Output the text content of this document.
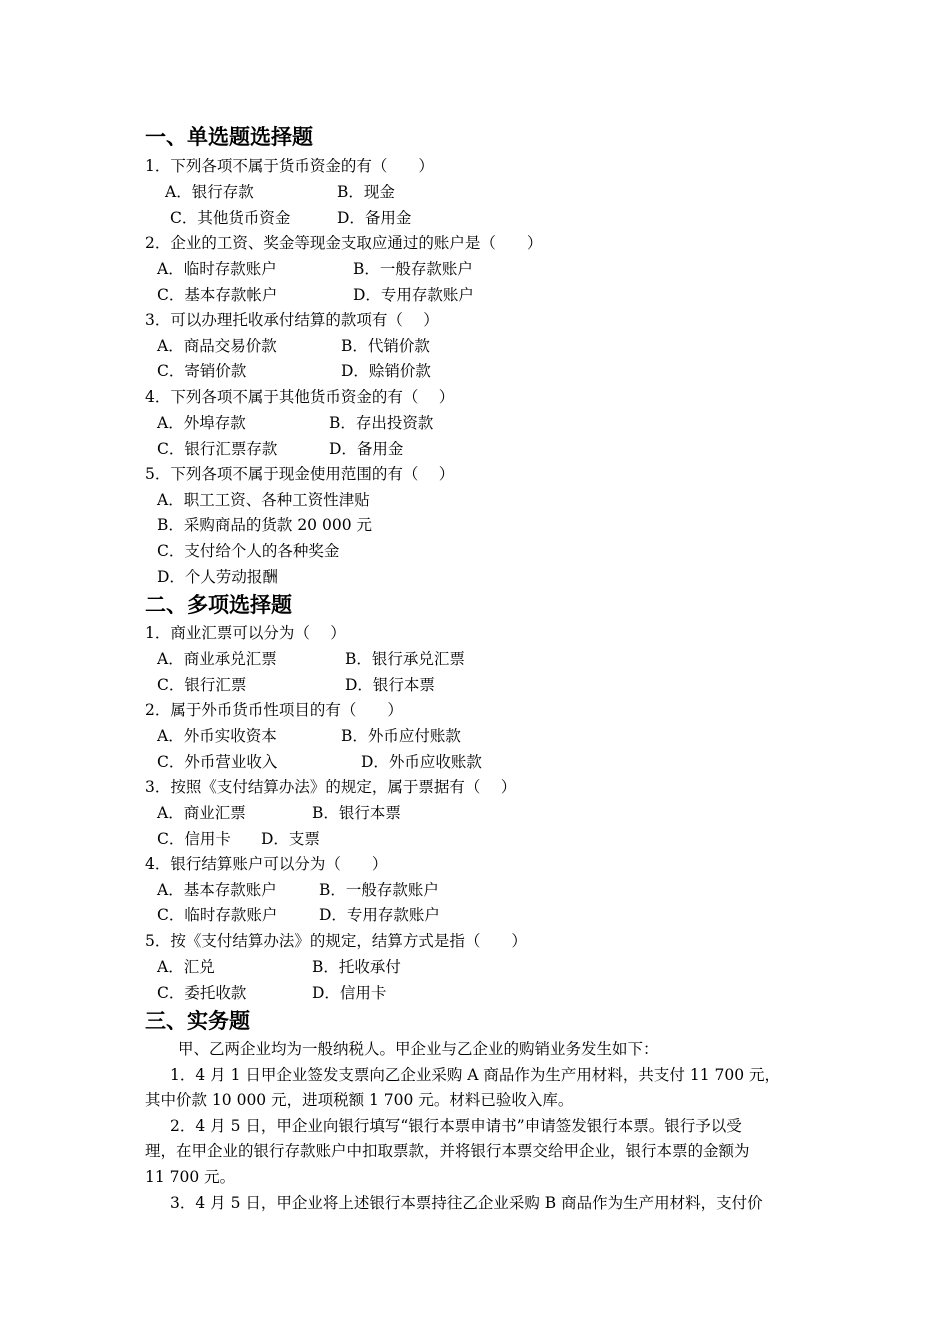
一、单选题选择题
1．下列各项不属于货币资金的有（　　）
A．银行存款	B．现金
C．其他货币资金	D．备用金
2．企业的工资、奖金等现金支取应通过的账户是（　　）
A．临时存款账户	B．一般存款账户
C．基本存款帐户	D．专用存款账户
3．可以办理托收承付结算的款项有（　 ）
A．商品交易价款	B．代销价款
C．寄销价款	D．赊销价款
4．下列各项不属于其他货币资金的有（　 ）
A．外埠存款	B．存出投资款
C．银行汇票存款	D．备用金
5．下列各项不属于现金使用范围的有（　 ）
A．职工工资、各种工资性津贴
B．采购商品的货款 20 000 元
C．支付给个人的各种奖金
D．个人劳动报酬
二、多项选择题
1．商业汇票可以分为（　 ）
A．商业承兑汇票	B．银行承兑汇票
C．银行汇票	D．银行本票
2．属于外币货币性项目的有（　　）
A．外币实收资本	B．外币应付账款
C．外币营业收入	D．外币应收账款
3．按照《支付结算办法》的规定，属于票据有（　 ）
A．商业汇票	B．银行本票
C．信用卡 D．支票
4．银行结算账户可以分为（　　）
A．基本存款账户	B．一般存款账户
C．临时存款账户	D．专用存款账户
5．按《支付结算办法》的规定，结算方式是指（　　）
A．汇兑	B．托收承付
C．委托收款	D．信用卡
三、实务题
甲、乙两企业均为一般纳税人。甲企业与乙企业的购销业务发生如下：
1．4 月 1 日甲企业签发支票向乙企业采购 A 商品作为生产用材料，共支付 11 700 元，
其中价款 10 000 元，进项税额 1 700 元。材料已验收入库。
2．4 月 5 日，甲企业向银行填写“银行本票申请书”申请签发银行本票。银行予以受
理，在甲企业的银行存款账户中扣取票款，并将银行本票交给甲企业，银行本票的金额为
11 700 元。
3．4 月 5 日，甲企业将上述银行本票持往乙企业采购 B 商品作为生产用材料，支付价
